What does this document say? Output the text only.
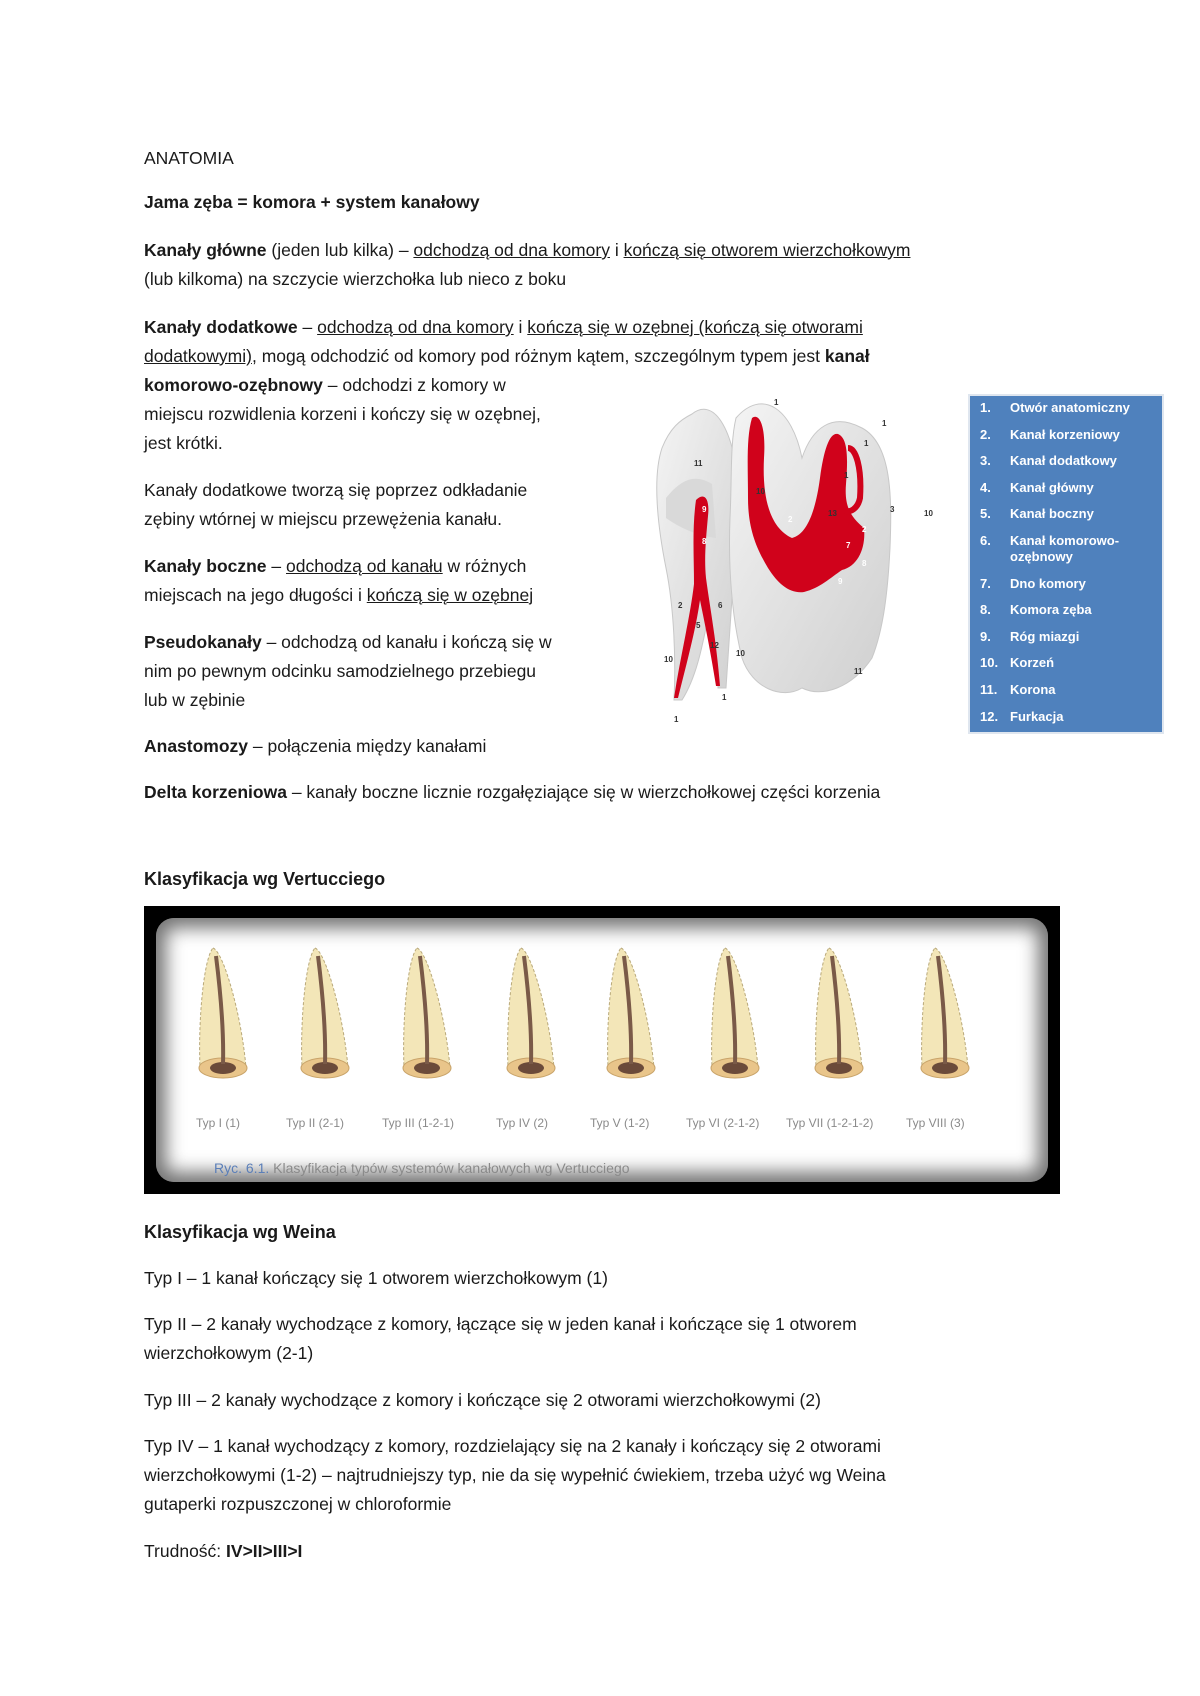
ANATOMIA

Jama zęba = komora + system kanałowy

Kanały główne (jeden lub kilka) – odchodzą od dna komory i kończą się otworem wierzchołkowym

(lub kilkoma) na szczycie wierzchołka lub nieco z boku

Kanały dodatkowe – odchodzą od dna komory i kończą się w ozębnej (kończą się otworami

dodatkowymi), mogą odchodzić od komory pod różnym kątem, szczególnym typem jest kanał

komorowo-ozębnowy – odchodzi z komory w

miejscu rozwidlenia korzeni i kończy się w ozębnej,

jest krótki.

Kanały dodatkowe tworzą się poprzez odkładanie

zębiny wtórnej w miejscu przewężenia kanału.

Kanały boczne – odchodzą od kanału w różnych

miejscach na jego długości i kończą się w ozębnej

Pseudokanały – odchodzą od kanału i kończą się w

nim po pewnym odcinku samodzielnego przebiegu

lub w zębinie

Anastomozy – połączenia między kanałami

Delta korzeniowa – kanały boczne licznie rozgałęziające się w wierzchołkowej części korzenia

1
1
1
1
11
10
2
13
2
3	10
9
8
4
7
8
9	9
2	6
5
12
10
10
11
1
1
1.	Otwór anatomiczny
2.	Kanał korzeniowy
3.	Kanał dodatkowy
4.	Kanał główny
5.	Kanał boczny
6.	Kanał komorowo-ozębnowy
7.	Dno komory
8.	Komora zęba
9.	Róg miazgi
10. Korzeń
11. Korona
12. Furkacja

Klasyfikacja wg Vertucciego

Typ I (1)	Typ II (2-1)	Typ III (1-2-1)	Typ IV (2)	Typ V (1-2)	Typ VI (2-1-2) Typ VII (1-2-1-2)	Typ VIII (3)
Ryc. 6.1. Klasyfikacja typów systemów kanałowych wg Vertucciego

Klasyfikacja wg Weina

Typ I – 1 kanał kończący się 1 otworem wierzchołkowym (1)

Typ II – 2 kanały wychodzące z komory, łączące się w jeden kanał i kończące się 1 otworem

wierzchołkowym (2-1)

Typ III – 2 kanały wychodzące z komory i kończące się 2 otworami wierzchołkowymi (2)

Typ IV – 1 kanał wychodzący z komory, rozdzielający się na 2 kanały i kończący się 2 otworami

wierzchołkowymi (1-2) – najtrudniejszy typ, nie da się wypełnić ćwiekiem, trzeba użyć wg Weina

gutaperki rozpuszczonej w chloroformie

Trudność: IV>II>III>I
